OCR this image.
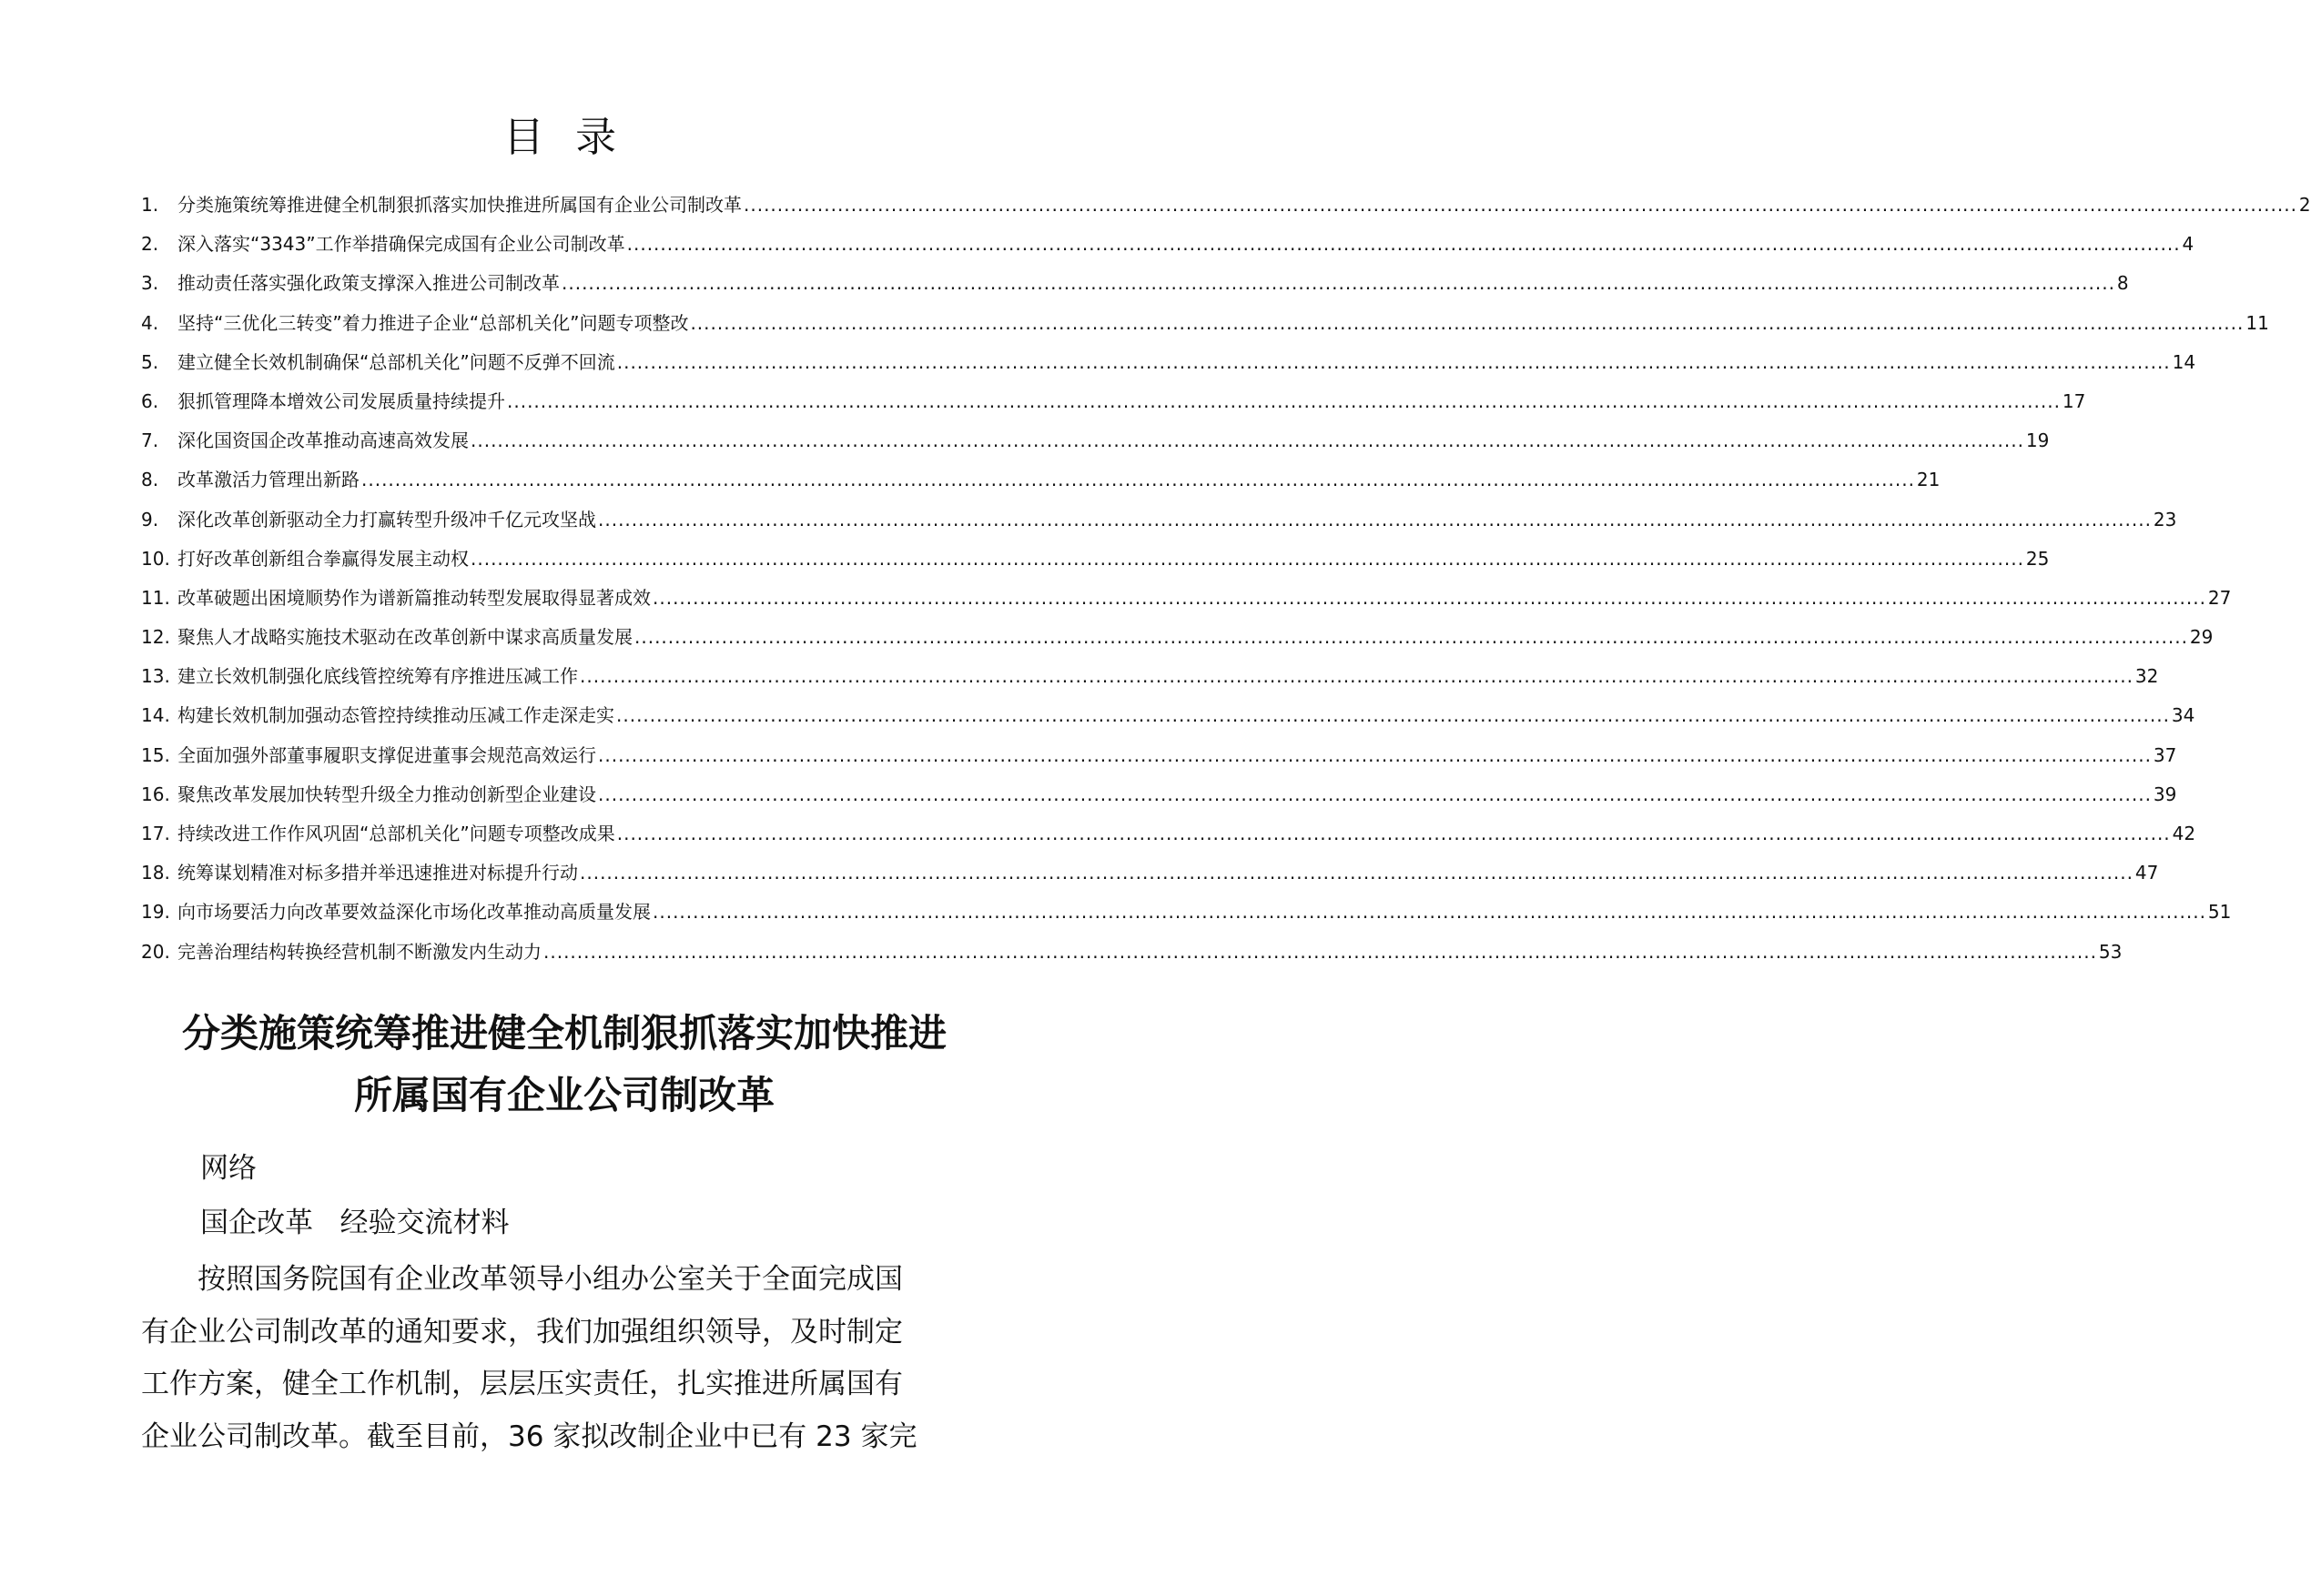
目 录
1.	分类施策统筹推进健全机制狠抓落实加快推进所属国有企业公司制改革 .....	2
2.	深入落实“3343”工作举措确保完成国有企业公司制改革 .....	4
3.	推动责任落实强化政策支撑深入推进公司制改革 .....	8
4.	坚持“三优化三转变”着力推进子企业“总部机关化”问题专项整改 .....	11
5.	建立健全长效机制确保“总部机关化”问题不反弹不回流 .....	14
6.	狠抓管理降本增效公司发展质量持续提升 .....	17
7.	深化国资国企改革推动高速高效发展 .....	19
8.	改革激活力管理出新路 .....	21
9.	深化改革创新驱动全力打赢转型升级冲千亿元攻坚战 .....	23
10. 打好改革创新组合拳赢得发展主动权 .....	25
11. 改革破题出困境顺势作为谱新篇推动转型发展取得显著成效 .....	27
12. 聚焦人才战略实施技术驱动在改革创新中谋求高质量发展 .....	29
13. 建立长效机制强化底线管控统筹有序推进压减工作 .....	32
14. 构建长效机制加强动态管控持续推动压减工作走深走实 .....	34
15. 全面加强外部董事履职支撑促进董事会规范高效运行 .....	37
16. 聚焦改革发展加快转型升级全力推动创新型企业建设 .....	39
17. 持续改进工作作风巩固“总部机关化”问题专项整改成果 .....	42
18. 统筹谋划精准对标多措并举迅速推进对标提升行动 .....	47
19. 向市场要活力向改革要效益深化市场化改革推动高质量发展 .....	51
20. 完善治理结构转换经营机制不断激发内生动力 .....	53
分类施策统筹推进健全机制狠抓落实加快推进
所属国有企业公司制改革
网络
国企改革   经验交流材料
按照国务院国有企业改革领导小组办公室关于全面完成国
有企业公司制改革的通知要求，我们加强组织领导，及时制定
工作方案，健全工作机制，层层压实责任，扎实推进所属国有
企业公司制改革。截至目前，36 家拟改制企业中已有 23 家完
